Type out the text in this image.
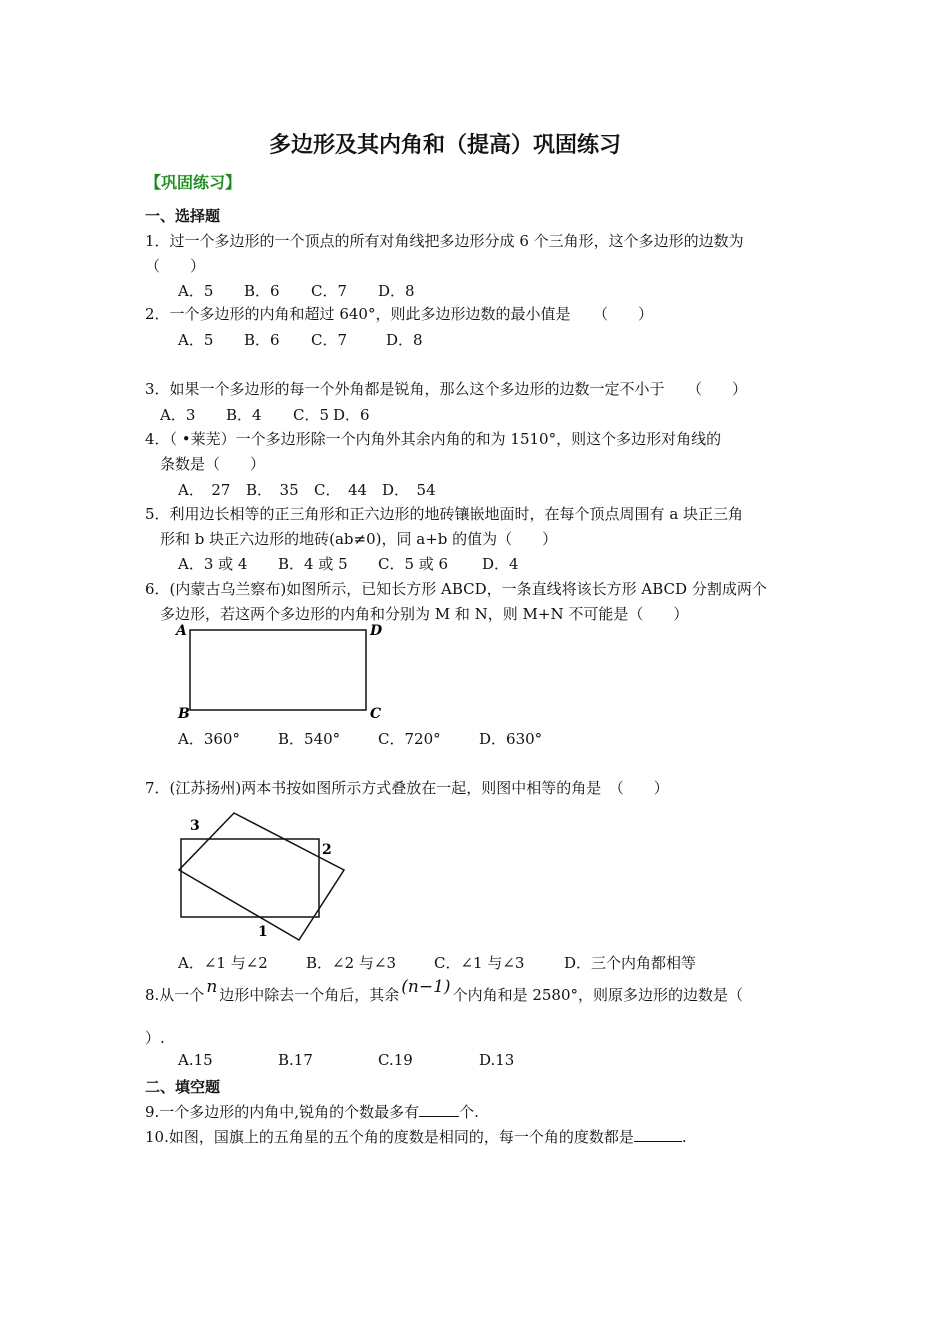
多边形及其内角和（提高）巩固练习
【巩固练习】
一、选择题
1．过一个多边形的一个顶点的所有对角线把多边形分成 6 个三角形，这个多边形的边数为
（　　）
A．5 B．6 C．7 D．8
2．一个多边形的内角和超过 640°，则此多边形边数的最小值是　　（　　）
A．5 B．6 C．7	D．8
3．如果一个多边形的每一个外角都是锐角，那么这个多边形的边数一定不小于　　（　　）
A．3 B．4 C．5 D．6
4．（ •莱芜）一个多边形除一个内角外其余内角的和为 1510°，则这个多边形对角线的
条数是（　　）
A．　27 B．　35 C．　44 D．　54
5．利用边长相等的正三角形和正六边形的地砖镶嵌地面时，在每个顶点周围有 a 块正三角
形和 b 块正六边形的地砖(ab≠0)，同 a+b 的值为（　　）
A．3 或 4 B．4 或 5 C．5 或 6 D．4
6．(内蒙古乌兰察布)如图所示，已知长方形 ABCD，一条直线将该长方形 ABCD 分割成两个
多边形，若这两个多边形的内角和分别为 M 和 N，则 M+N 不可能是（　　）
A	D
B	C
A．360°	B．540°	C．720°	D．630°
7．(江苏扬州)两本书按如图所示方式叠放在一起，则图中相等的角是　（　　）
3
2
1
A．∠1 与∠2	B．∠2 与∠3	C．∠1 与∠3	D．三个内角都相等
8.从一个 n 边形中除去一个角后，其余 (n−1) 个内角和是 2580°，则原多边形的边数是（
）.
A.15	B.17	C.19	D.13
二、填空题
9.一个多边形的内角中,锐角的个数最多有	个.
10.如图，国旗上的五角星的五个角的度数是相同的，每一个角的度数都是	.
